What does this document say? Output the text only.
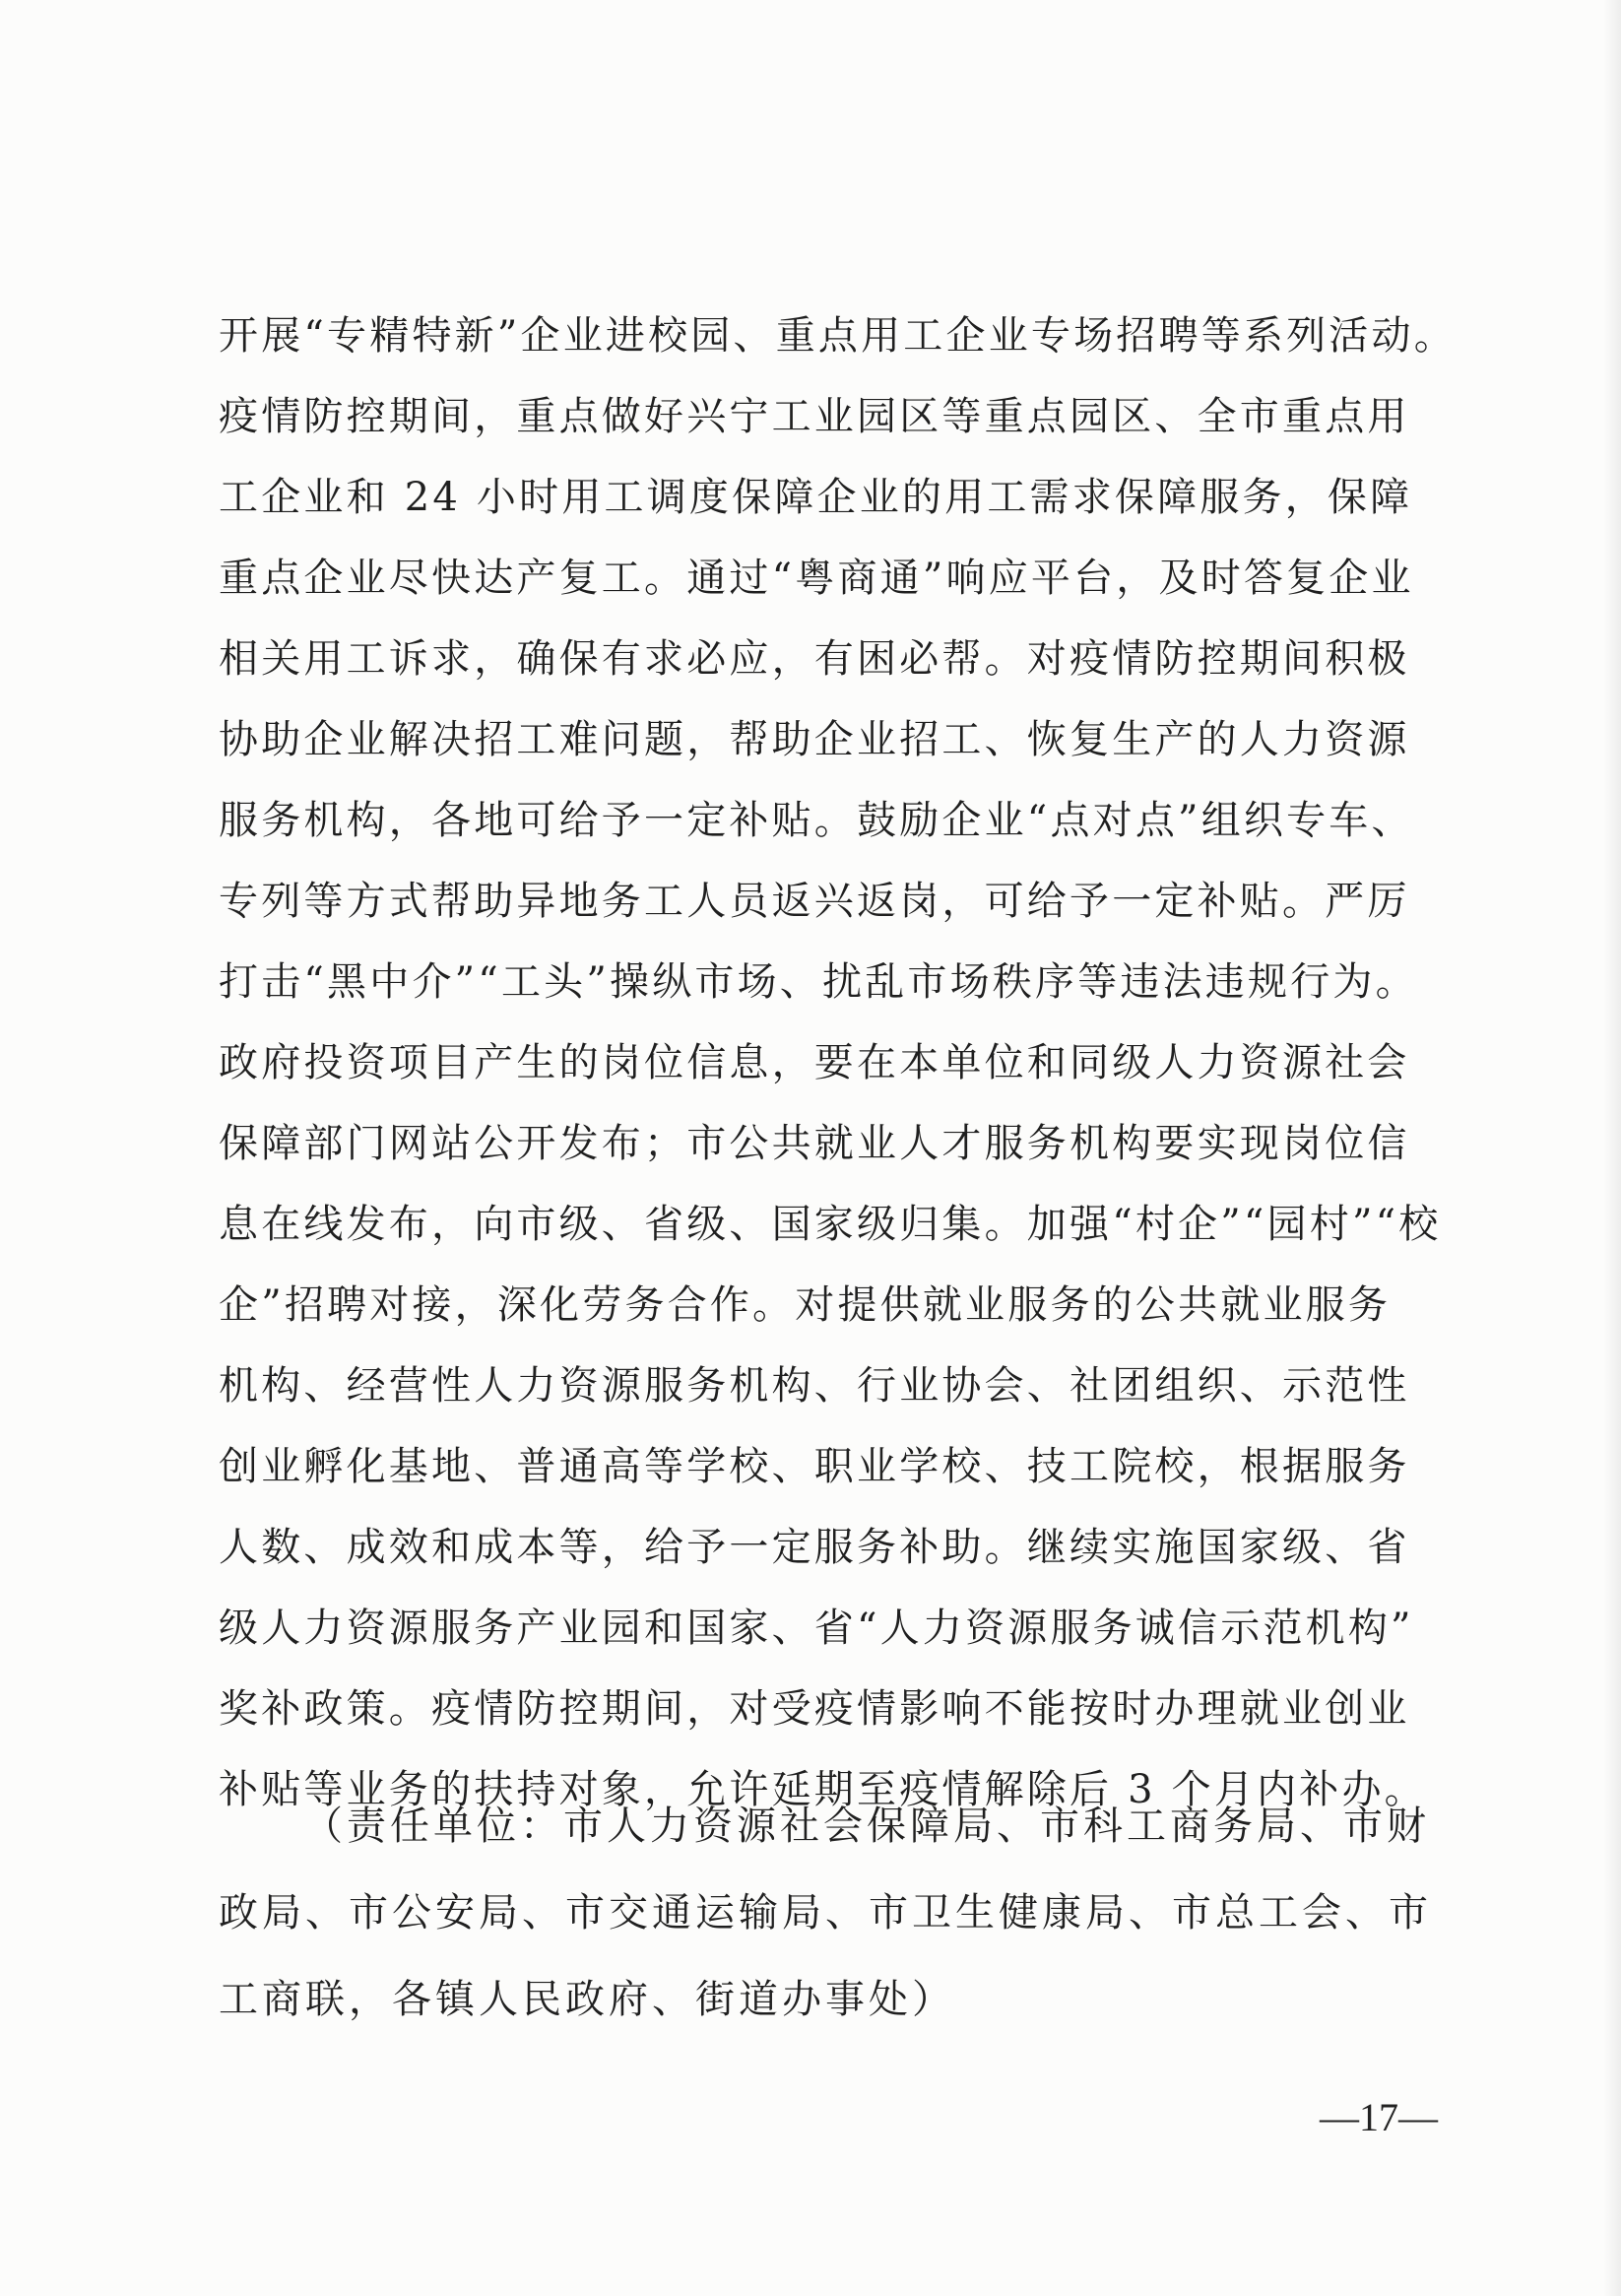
开展“专精特新”企业进校园、重点用工企业专场招聘等系列活动。
疫情防控期间，重点做好兴宁工业园区等重点园区、全市重点用
工企业和 24 小时用工调度保障企业的用工需求保障服务，保障
重点企业尽快达产复工。通过“粤商通”响应平台，及时答复企业
相关用工诉求，确保有求必应，有困必帮。对疫情防控期间积极
协助企业解决招工难问题，帮助企业招工、恢复生产的人力资源
服务机构，各地可给予一定补贴。鼓励企业“点对点”组织专车、
专列等方式帮助异地务工人员返兴返岗，可给予一定补贴。严厉
打击“黑中介”“工头”操纵市场、扰乱市场秩序等违法违规行为。
政府投资项目产生的岗位信息，要在本单位和同级人力资源社会
保障部门网站公开发布；市公共就业人才服务机构要实现岗位信
息在线发布，向市级、省级、国家级归集。加强“村企”“园村”“校
企”招聘对接，深化劳务合作。对提供就业服务的公共就业服务
机构、经营性人力资源服务机构、行业协会、社团组织、示范性
创业孵化基地、普通高等学校、职业学校、技工院校，根据服务
人数、成效和成本等，给予一定服务补助。继续实施国家级、省
级人力资源服务产业园和国家、省“人力资源服务诚信示范机构”
奖补政策。疫情防控期间，对受疫情影响不能按时办理就业创业
补贴等业务的扶持对象，允许延期至疫情解除后 3 个月内补办。
（责任单位：市人力资源社会保障局、市科工商务局、市财
政局、市公安局、市交通运输局、市卫生健康局、市总工会、市
工商联，各镇人民政府、街道办事处）
—17—
